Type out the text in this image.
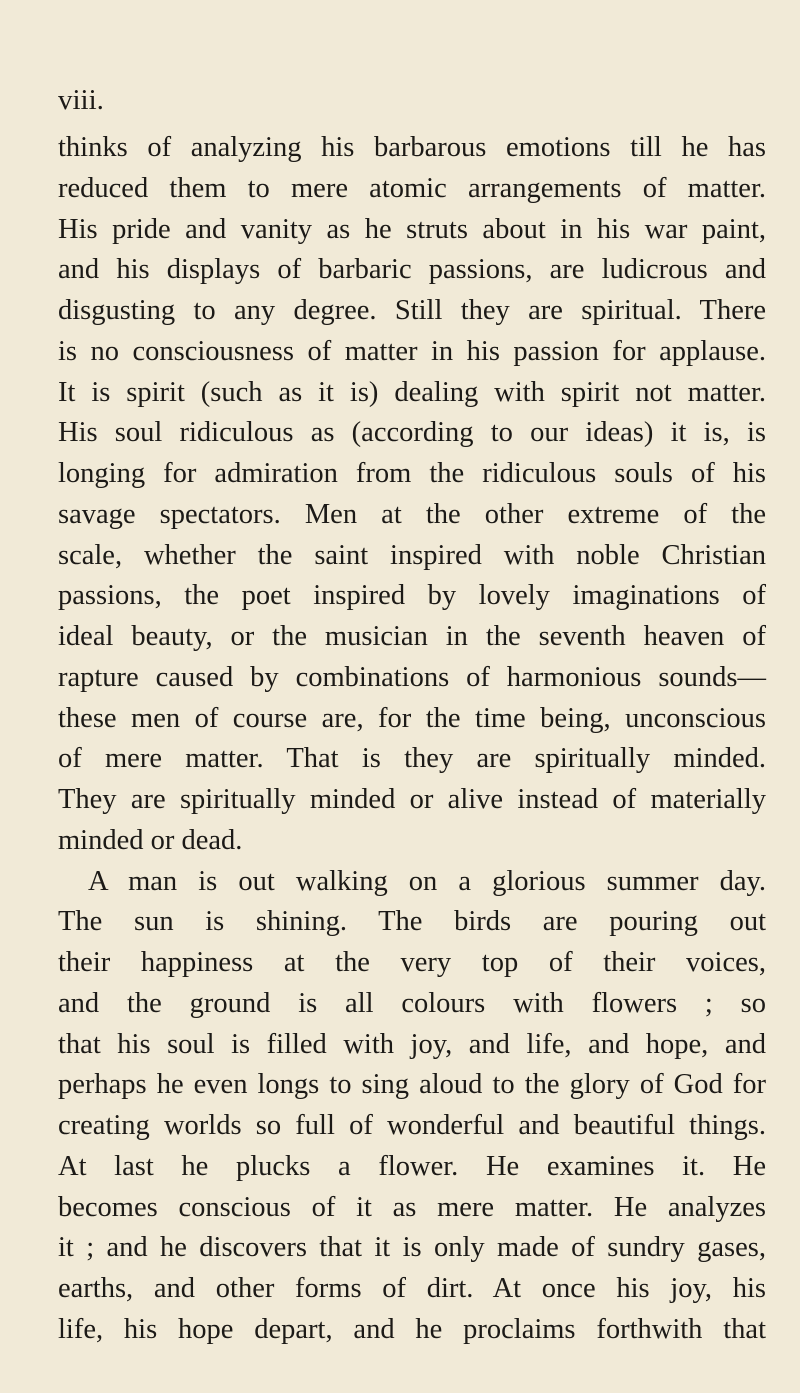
viii.

thinks of analyzing his barbarous emotions till he has
reduced them to mere atomic arrangements of matter.
His pride and vanity as he struts about in his war paint,
and his displays of barbaric passions, are ludicrous and
disgusting to any degree. Still they are spiritual. There
is no consciousness of matter in his passion for applause.
It is spirit (such as it is) dealing with spirit not matter.
His soul ridiculous as (according to our ideas) it is, is
longing for admiration from the ridiculous souls of his
savage spectators. Men at the other extreme of the
scale, whether the saint inspired with noble Christian
passions, the poet inspired by lovely imaginations of
ideal beauty, or the musician in the seventh heaven of
rapture caused by combinations of harmonious sounds—
these men of course are, for the time being, unconscious
of mere matter. That is they are spiritually minded.
They are spiritually minded or alive instead of materially
minded or dead.
A man is out walking on a glorious summer day.
The sun is shining. The birds are pouring out
their happiness at the very top of their voices,
and the ground is all colours with flowers ; so
that his soul is filled with joy, and life, and hope, and
perhaps he even longs to sing aloud to the glory of God for
creating worlds so full of wonderful and beautiful things.
At last he plucks a flower. He examines it. He
becomes conscious of it as mere matter. He analyzes
it ; and he discovers that it is only made of sundry gases,
earths, and other forms of dirt. At once his joy, his
life, his hope depart, and he proclaims forthwith that
